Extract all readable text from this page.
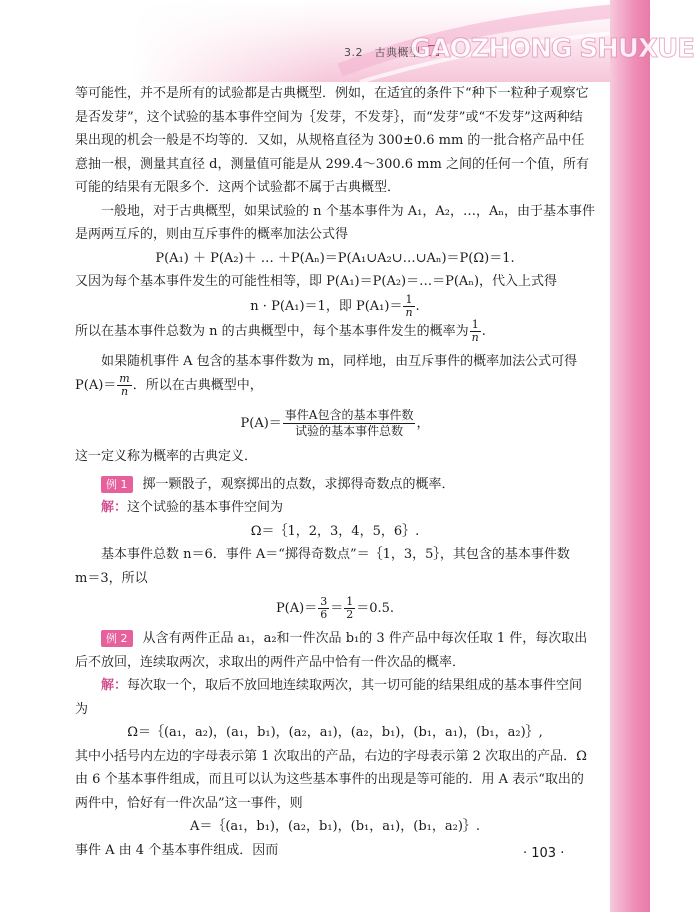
3.2　古典概型
GAOZHONG SHUXUE

等可能性，并不是所有的试验都是古典概型．例如，在适宜的条件下“种下一粒种子观察它是否发芽”，这个试验的基本事件空间为｛发芽，不发芽｝，而“发芽”或“不发芽”这两种结果出现的机会一般是不均等的．又如，从规格直径为 300±0.6 mm 的一批合格产品中任意抽一根，测量其直径 d，测量值可能是从 299.4～300.6 mm 之间的任何一个值，所有可能的结果有无限多个．这两个试验都不属于古典概型．

一般地，对于古典概型，如果试验的 n 个基本事件为 A₁，A₂，…，Aₙ，由于基本事件是两两互斥的，则由互斥事件的概率加法公式得

P(A₁) ＋ P(A₂)＋ … ＋P(Aₙ)＝P(A₁∪A₂∪…∪Aₙ)＝P(Ω)＝1.

又因为每个基本事件发生的可能性相等，即 P(A₁)＝P(A₂)＝…＝P(Aₙ)，代入上式得

n · P(A₁)＝1，即 $P(A_1)= \frac{1}{n}$ .

所以在基本事件总数为 n 的古典概型中，每个基本事件发生的概率为 $\frac{1}{n}$ .

如果随机事件 A 包含的基本事件数为 m，同样地，由互斥事件的概率加法公式可得

$P(A)= \frac{m}{n}$ ．所以在古典概型中，

$P(A)= \frac{\text{事件A包含的基本事件数}}{\text{试验的基本事件总数}}$ ，

这一定义称为概率的古典定义．

例 1 掷一颗骰子，观察掷出的点数，求掷得奇数点的概率．

解：这个试验的基本事件空间为

Ω＝｛1，2，3，4，5，6｝.

基本事件总数 n＝6．事件 A＝“掷得奇数点”＝｛1，3，5｝，其包含的基本事件数

m＝3，所以

$P(A)= \frac{3}{6} = \frac{1}{2} =0.5$.

例 2 从含有两件正品 a₁，a₂和一件次品 b₁的 3 件产品中每次任取 1 件，每次取出后不放回，连续取两次，求取出的两件产品中恰有一件次品的概率．

解：每次取一个，取后不放回地连续取两次，其一切可能的结果组成的基本事件空间为

Ω＝｛(a₁，a₂)，(a₁，b₁)，(a₂，a₁)，(a₂，b₁)，(b₁，a₁)，(b₁，a₂)｝,

其中小括号内左边的字母表示第 1 次取出的产品，右边的字母表示第 2 次取出的产品．Ω 由 6 个基本事件组成，而且可以认为这些基本事件的出现是等可能的．用 A 表示“取出的两件中，恰好有一件次品”这一事件，则

A＝｛(a₁，b₁)，(a₂，b₁)，(b₁，a₁)，(b₁，a₂)｝.

事件 A 由 4 个基本事件组成．因而	· 103 ·
